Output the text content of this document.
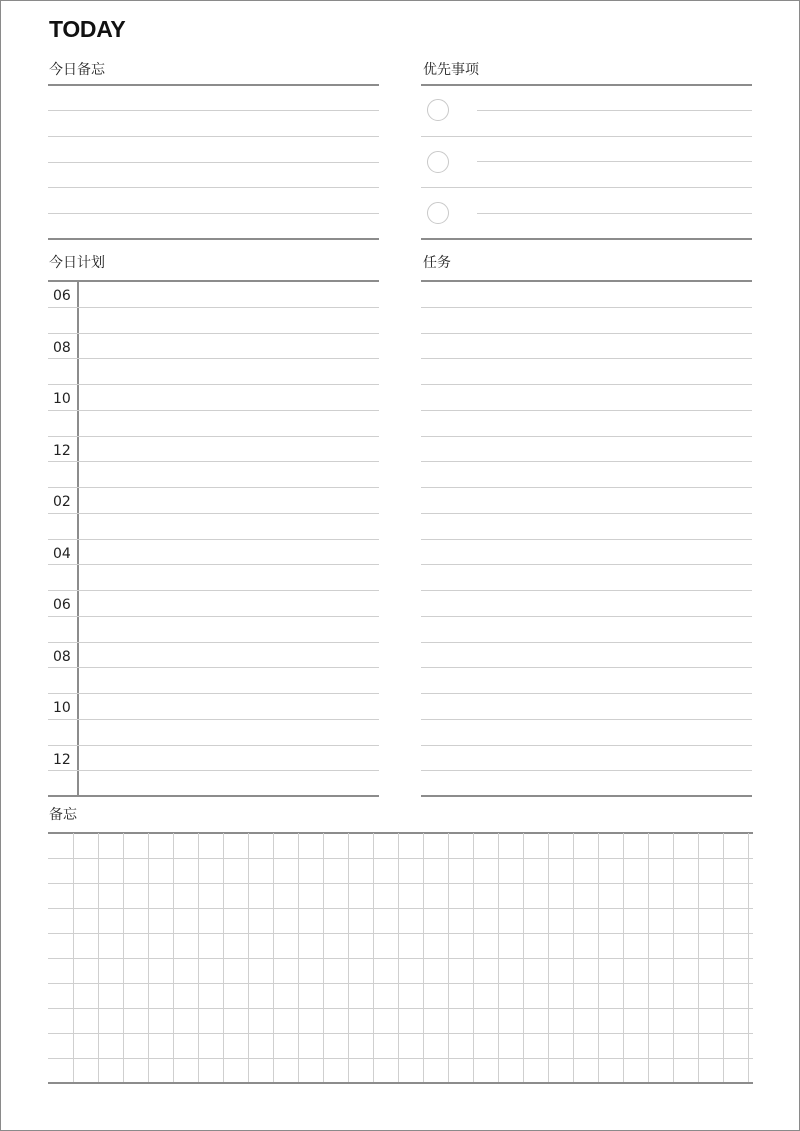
TODAY
今日备忘	优先事项
今日计划
06
08
10
12
02
04
06
08
10
12
任务
备忘
